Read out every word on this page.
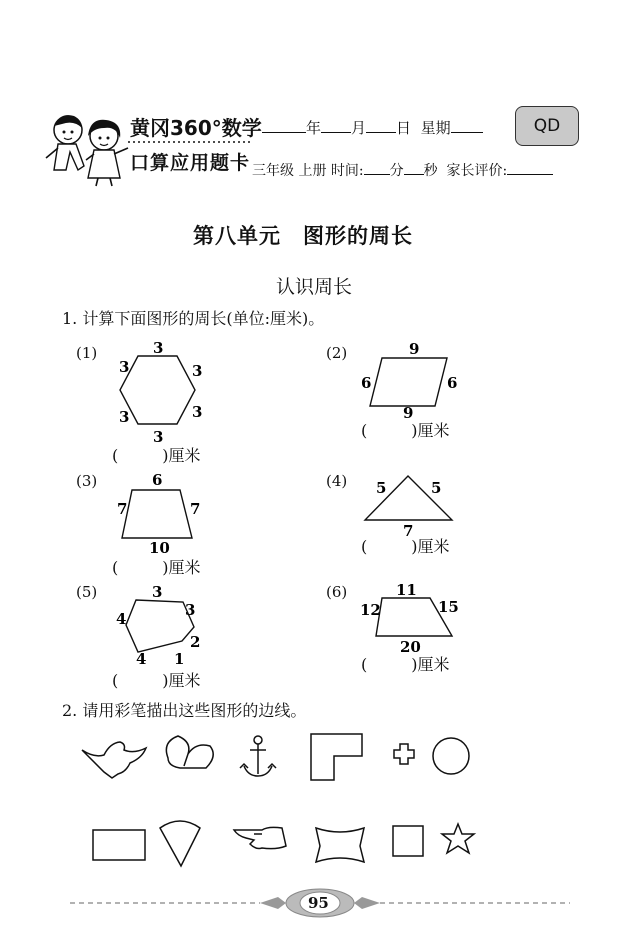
黄冈360°数学
口算应用题卡
年 月 日 星期	QD
三年级 上册 时间: 分 秒 家长评价:
第八单元　图形的周长
认识周长
1. 计算下面图形的周长(单位:厘米)。
(1)	3
3	3
3	3
3
(	)厘米
(2)	9
6	6
9
(	)厘米
(3)	6
7	7
10
(	)厘米
(4) 5	5
7
(	)厘米
(5)	3
4	3
2
4 1
(	)厘米
(6)	11
12	15
20
(	)厘米
2. 请用彩笔描出这些图形的边线。
95
